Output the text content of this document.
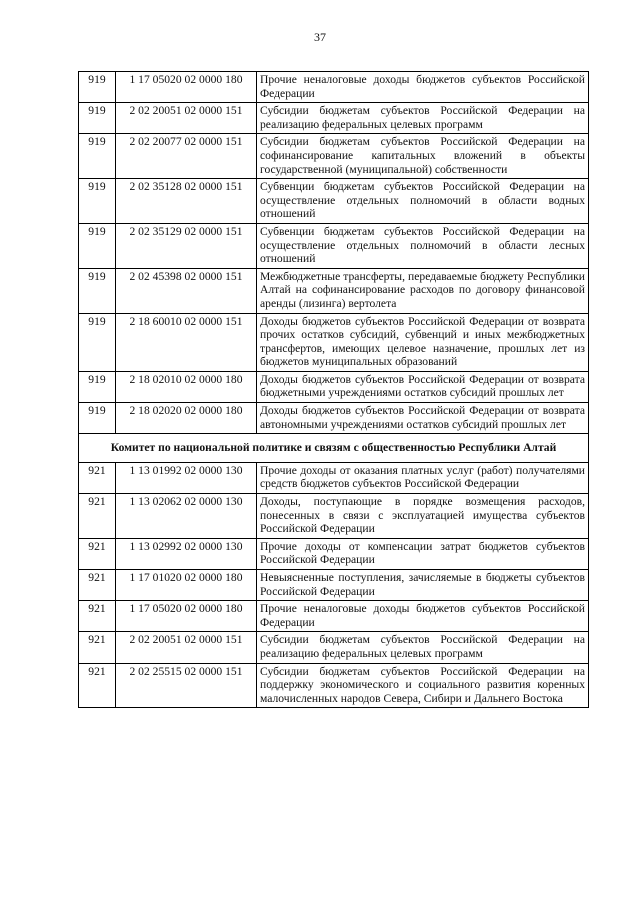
37
919	1 17 05020 02 0000 180	Прочие неналоговые доходы бюджетов субъектов Российской Федерации
919	2 02 20051 02 0000 151	Субсидии бюджетам субъектов Российской Федерации на реализацию федеральных целевых программ
919	2 02 20077 02 0000 151	Субсидии бюджетам субъектов Российской Федерации на софинансирование капитальных вложений в объекты государственной (муниципальной) собственности
919	2 02 35128 02 0000 151	Субвенции бюджетам субъектов Российской Федерации на осуществление отдельных полномочий в области водных отношений
919	2 02 35129 02 0000 151	Субвенции бюджетам субъектов Российской Федерации на осуществление отдельных полномочий в области лесных отношений
919	2 02 45398 02 0000 151	Межбюджетные трансферты, передаваемые бюджету Республики Алтай на софинансирование расходов по договору финансовой аренды (лизинга) вертолета
919	2 18 60010 02 0000 151	Доходы бюджетов субъектов Российской Федерации от возврата прочих остатков субсидий, субвенций и иных межбюджетных трансфертов, имеющих целевое назначение, прошлых лет из бюджетов муниципальных образований
919	2 18 02010 02 0000 180	Доходы бюджетов субъектов Российской Федерации от возврата бюджетными учреждениями остатков субсидий прошлых лет
919	2 18 02020 02 0000 180	Доходы бюджетов субъектов Российской Федерации от возврата автономными учреждениями остатков субсидий прошлых лет
Комитет по национальной политике и связям с общественностью Республики Алтай		
921	1 13 01992 02 0000 130	Прочие доходы от оказания платных услуг (работ) получателями средств бюджетов субъектов Российской Федерации
921	1 13 02062 02 0000 130	Доходы, поступающие в порядке возмещения расходов, понесенных в связи с эксплуатацией имущества субъектов Российской Федерации
921	1 13 02992 02 0000 130	Прочие доходы от компенсации затрат бюджетов субъектов Российской Федерации
921	1 17 01020 02 0000 180	Невыясненные поступления, зачисляемые в бюджеты субъектов Российской Федерации
921	1 17 05020 02 0000 180	Прочие неналоговые доходы бюджетов субъектов Российской Федерации
921	2 02 20051 02 0000 151	Субсидии бюджетам субъектов Российской Федерации на реализацию федеральных целевых программ
921	2 02 25515 02 0000 151	Субсидии бюджетам субъектов Российской Федерации на поддержку экономического и социального развития коренных малочисленных народов Севера, Сибири и Дальнего Востока
